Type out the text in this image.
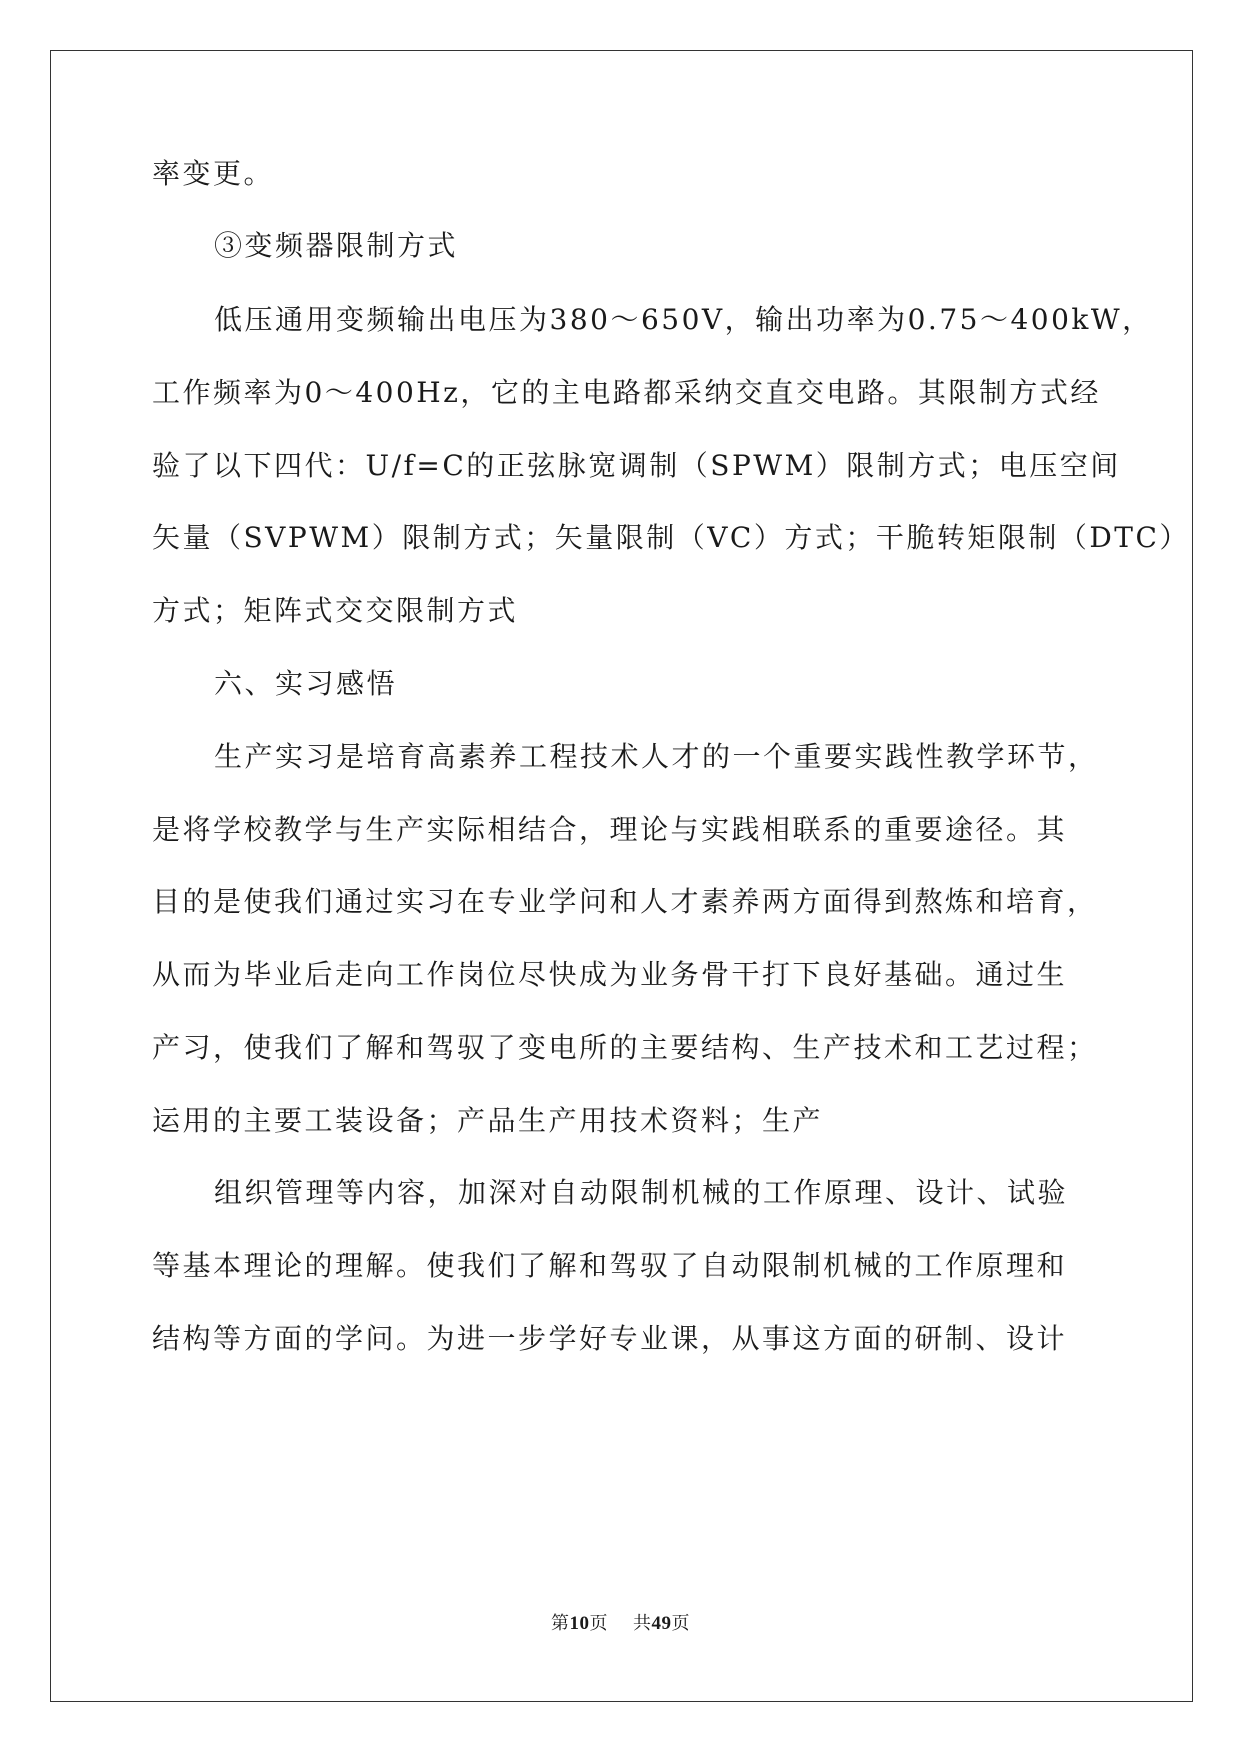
率变更。
③变频器限制方式
低压通用变频输出电压为380～650V，输出功率为0.75～400kW，
工作频率为0～400Hz，它的主电路都采纳交直交电路。其限制方式经
验了以下四代：U/f=C的正弦脉宽调制（SPWM）限制方式；电压空间
矢量（SVPWM）限制方式；矢量限制（VC）方式；干脆转矩限制（DTC）
方式；矩阵式交交限制方式
六、实习感悟
生产实习是培育高素养工程技术人才的一个重要实践性教学环节，
是将学校教学与生产实际相结合，理论与实践相联系的重要途径。其
目的是使我们通过实习在专业学问和人才素养两方面得到熬炼和培育，
从而为毕业后走向工作岗位尽快成为业务骨干打下良好基础。通过生
产习，使我们了解和驾驭了变电所的主要结构、生产技术和工艺过程；
运用的主要工装设备；产品生产用技术资料；生产
组织管理等内容，加深对自动限制机械的工作原理、设计、试验
等基本理论的理解。使我们了解和驾驭了自动限制机械的工作原理和
结构等方面的学问。为进一步学好专业课，从事这方面的研制、设计
第10页 共49页
